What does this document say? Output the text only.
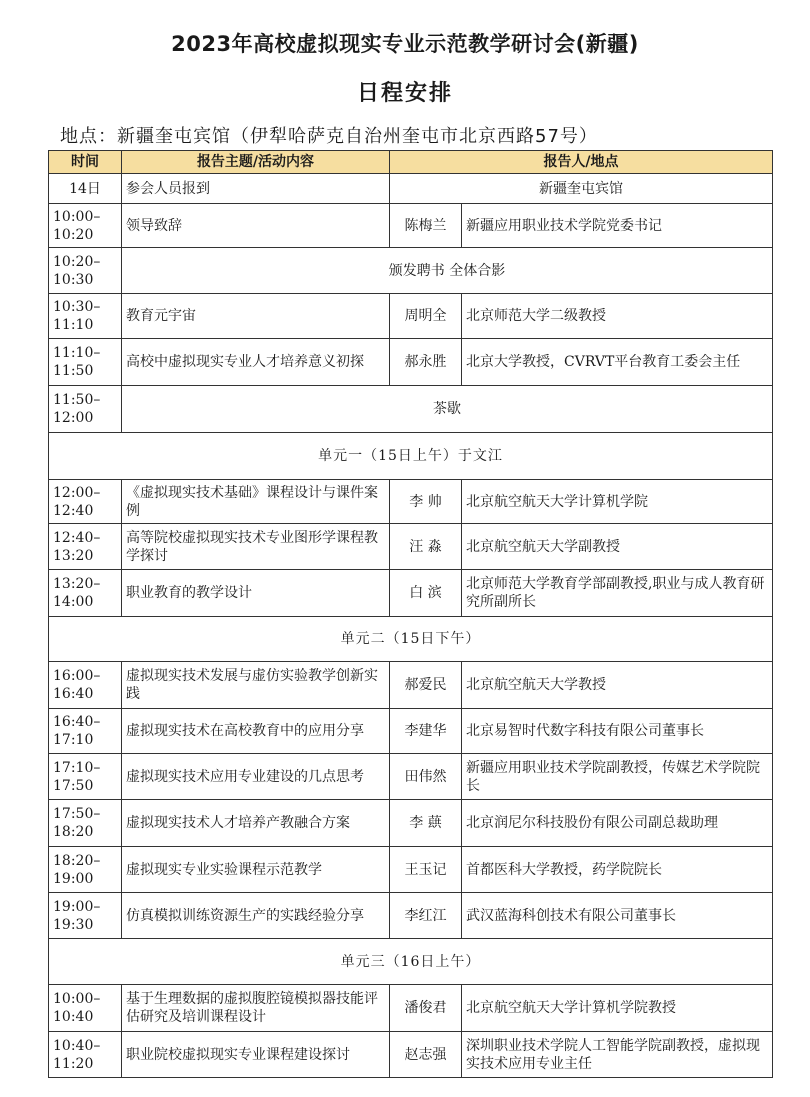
2023年高校虚拟现实专业示范教学研讨会(新疆)
日程安排
地点：新疆奎屯宾馆（伊犁哈萨克自治州奎屯市北京西路57号）
时间	报告主题/活动内容	报告人/地点	
14日	参会人员报到	新疆奎屯宾馆	
10:00–
10:20	领导致辞	陈梅兰	新疆应用职业技术学院党委书记
10:20–
10:30	颁发聘书 全体合影		
10:30–
11:10	教育元宇宙	周明全	北京师范大学二级教授
11:10–
11:50	高校中虚拟现实专业人才培养意义初探	郝永胜	北京大学教授，CVRVT平台教育工委会主任
11:50–
12:00	茶歇		
单元一（15日上午）于文江			
12:00–
12:40	《虚拟现实技术基础》课程设计与课件案例	李 帅	北京航空航天大学计算机学院
12:40–
13:20	高等院校虚拟现实技术专业图形学课程教学探讨	汪 淼	北京航空航天大学副教授
13:20–
14:00	职业教育的教学设计	白 滨	北京师范大学教育学部副教授,职业与成人教育研究所副所长
单元二（15日下午）			
16:00–
16:40	虚拟现实技术发展与虚仿实验教学创新实践	郝爱民	北京航空航天大学教授
16:40–
17:10	虚拟现实技术在高校教育中的应用分享	李建华	北京易智时代数字科技有限公司董事长
17:10–
17:50	虚拟现实技术应用专业建设的几点思考	田伟然	新疆应用职业技术学院副教授，传媒艺术学院院长
17:50–
18:20	虚拟现实技术人才培养产教融合方案	李 蕻	北京润尼尔科技股份有限公司副总裁助理
18:20–
19:00	虚拟现实专业实验课程示范教学	王玉记	首都医科大学教授，药学院院长
19:00–
19:30	仿真模拟训练资源生产的实践经验分享	李红江	武汉蓝海科创技术有限公司董事长
单元三（16日上午）			
10:00–
10:40	基于生理数据的虚拟腹腔镜模拟器技能评估研究及培训课程设计	潘俊君	北京航空航天大学计算机学院教授
10:40–
11:20	职业院校虚拟现实专业课程建设探讨	赵志强	深圳职业技术学院人工智能学院副教授，虚拟现实技术应用专业主任
